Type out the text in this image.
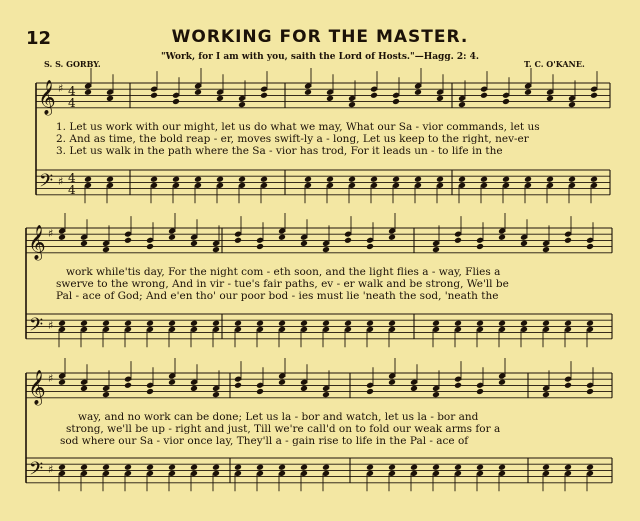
𝄞
𝄢
♯
♯
4
4
4
4
𝄞
𝄢
♯
♯
𝄞
𝄢
♯
♯
12	WORKING FOR THE MASTER.
"Work, for I am with you, saith the Lord of Hosts."—Hagg. 2: 4.
S. S. GORBY.	T. C. O'KANE.
1. Let us work with our might, let us do what we may, What our Sa - vior commands, let us
2. And as time, the bold reap - er, moves swift-ly a - long, Let us keep to the right, nev-er
3. Let us walk in the path where the Sa - vior has trod, For it leads un - to life in the
work while'tis day, For the night com - eth soon, and the light flies a - way, Flies a
swerve to the wrong, And in vir - tue's fair paths, ev - er walk and be strong, We'll be
Pal - ace of God; And e'en tho' our poor bod - ies must lie 'neath the sod, 'neath the
way, and no work can be done; Let us la - bor and watch, let us la - bor and
strong, we'll be up - right and just, Till we're call'd on to fold our weak arms for a
sod where our Sa - vior once lay, They'll a - gain rise to life in the Pal - ace of
